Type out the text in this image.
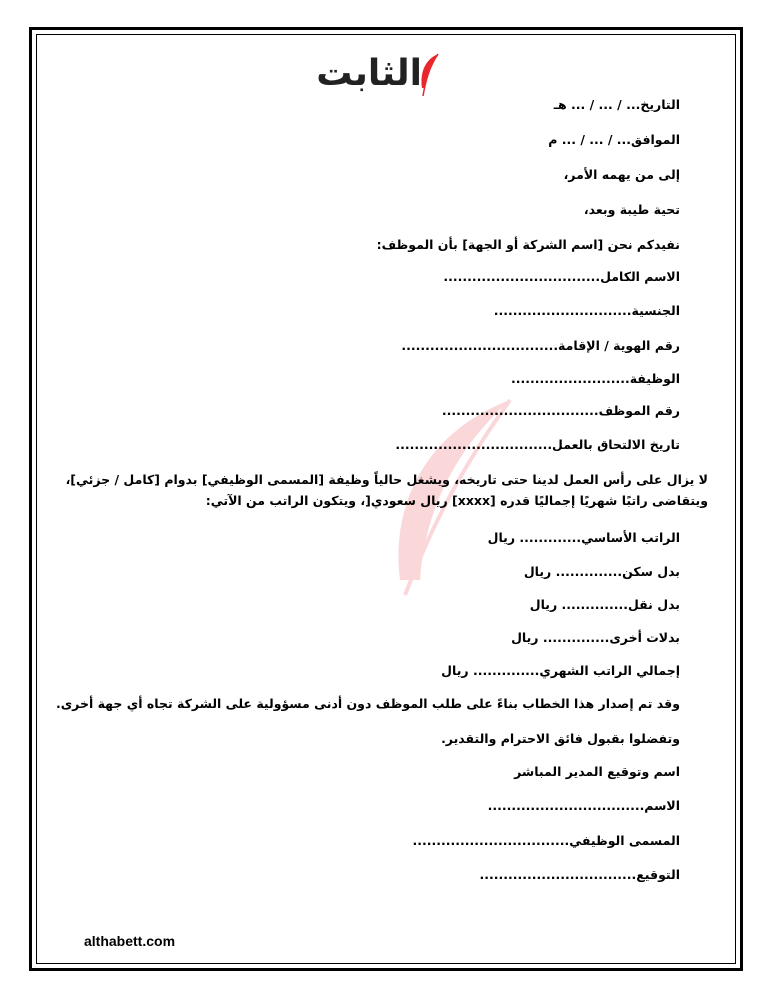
الثابت
التاريخ... / ... / ... هـ
الموافق... / ... / ... م
إلى من يهمه الأمر،
تحية طيبة وبعد،
نفيدكم نحن [اسم الشركة أو الجهة] بأن الموظف:
الاسم الكامل.................................
الجنسية.............................
رقم الهوية / الإقامة.................................
الوظيفة.........................
رقم الموظف.................................
تاريخ الالتحاق بالعمل.................................
لا يزال على رأس العمل لدينا حتى تاريخه، ويشغل حالياً وظيفة [المسمى الوظيفي] بدوام [كامل / جزئي]، ويتقاضى راتبًا شهريًا إجماليًا قدره [xxxx] ريال سعودي[، ويتكون الراتب من الآتي:
الراتب الأساسي............. ريال
بدل سكن.............. ريال
بدل نقل.............. ريال
بدلات أخرى.............. ريال
إجمالي الراتب الشهري.............. ريال
وقد تم إصدار هذا الخطاب بناءً على طلب الموظف دون أدنى مسؤولية على الشركة تجاه أي جهة أخرى.
وتفضلوا بقبول فائق الاحترام والتقدير.
اسم وتوقيع المدير المباشر
الاسم.................................
المسمى الوظيفي.................................
التوقيع.................................
althabett.com
